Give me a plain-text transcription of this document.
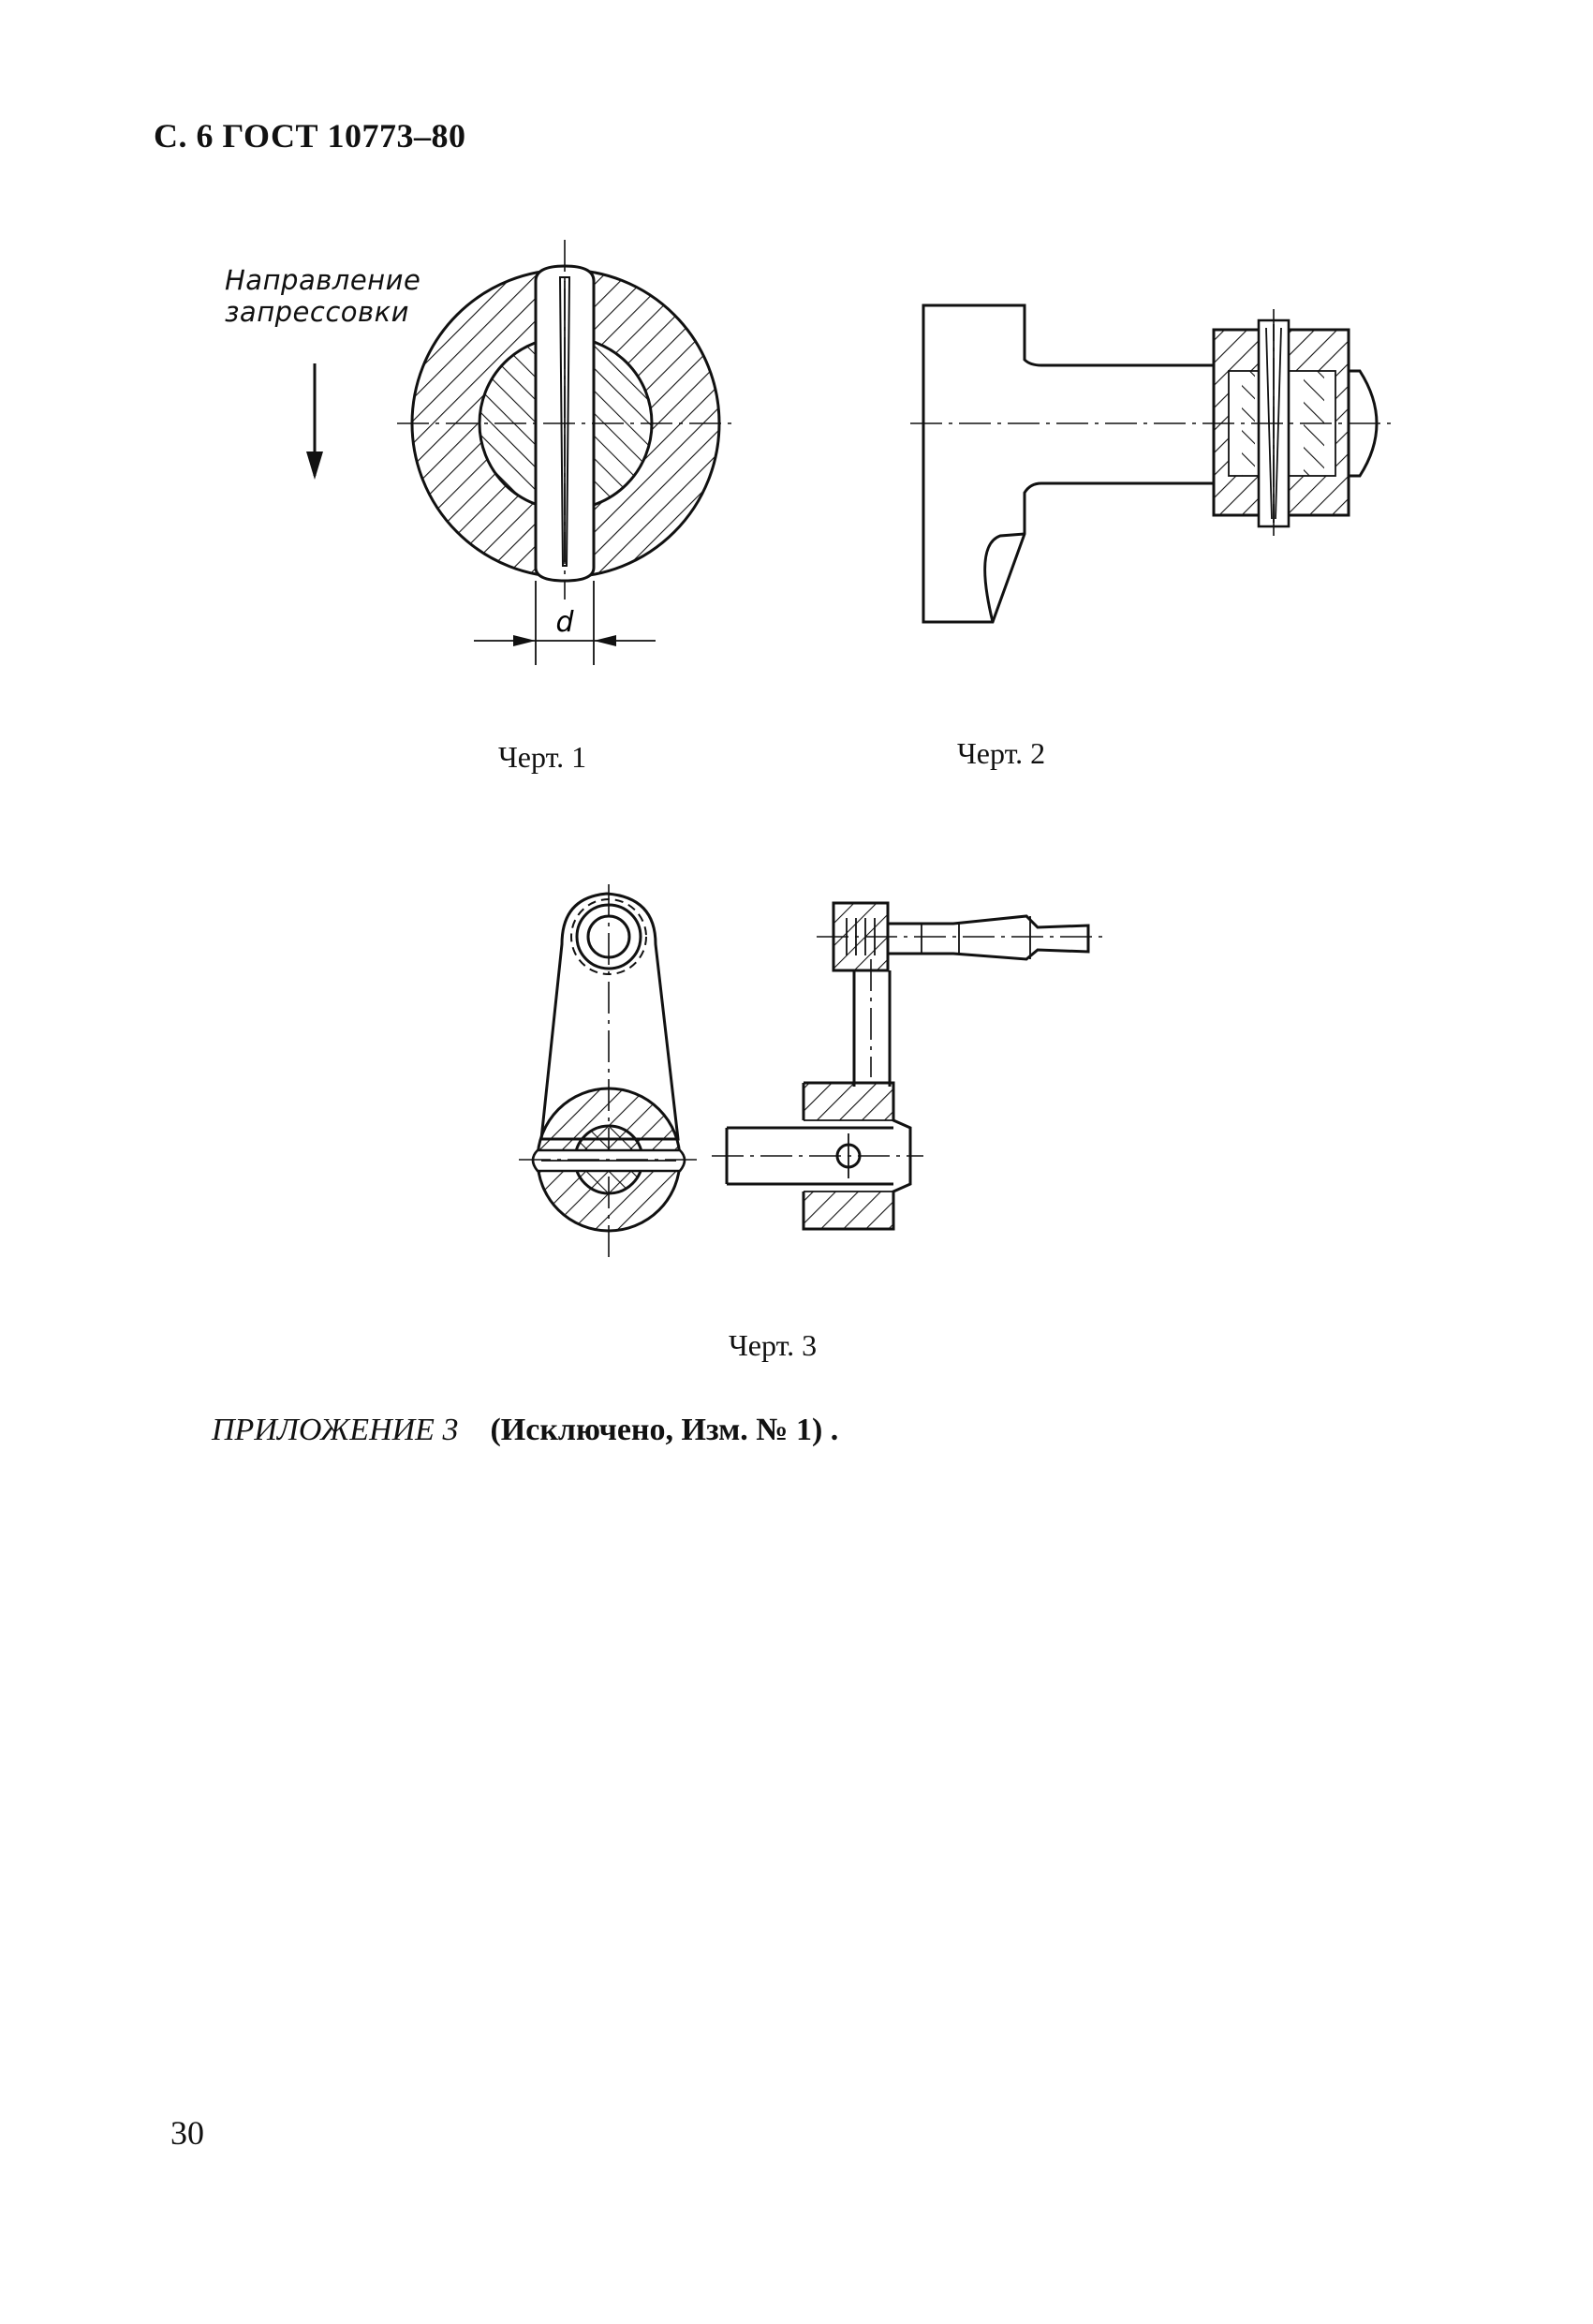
С. 6 ГОСТ 10773–80
Направление
запрессовки
d
Черт. 1	Черт. 2
Черт. 3
ПРИЛОЖЕНИЕ 3 (Исключено, Изм. № 1) .
30
